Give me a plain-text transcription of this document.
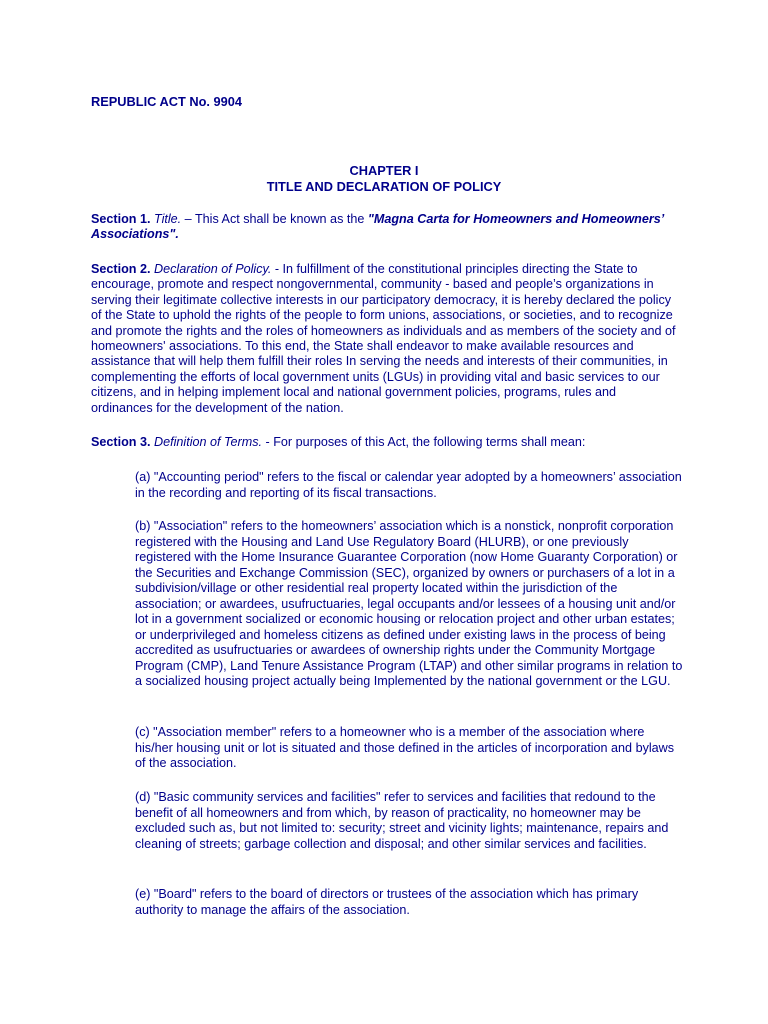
REPUBLIC ACT No. 9904

CHAPTER I
TITLE AND DECLARATION OF POLICY

Section 1. Title. – This Act shall be known as the "Magna Carta for Homeowners and Homeowners’ Associations".

Section 2. Declaration of Policy. - In fulfillment of the constitutional principles directing the State to encourage, promote and respect nongovernmental, community - based and people’s organizations in serving their legitimate collective interests in our participatory democracy, it is hereby declared the policy of the State to uphold the rights of the people to form unions, associations, or societies, and to recognize and promote the rights and the roles of homeowners as individuals and as members of the society and of homeowners' associations. To this end, the State shall endeavor to make available resources and assistance that will help them fulfill their roles In serving the needs and interests of their communities, in complementing the efforts of local government units (LGUs) in providing vital and basic services to our citizens, and in helping implement local and national government policies, programs, rules and ordinances for the development of the nation.

Section 3. Definition of Terms. - For purposes of this Act, the following terms shall mean:

(a) "Accounting period" refers to the fiscal or calendar year adopted by a homeowners’ association in the recording and reporting of its fiscal transactions.

(b) "Association" refers to the homeowners’ association which is a nonstick, nonprofit corporation registered with the Housing and Land Use Regulatory Board (HLURB), or one previously registered with the Home Insurance Guarantee Corporation (now Home Guaranty Corporation) or the Securities and Exchange Commission (SEC), organized by owners or purchasers of a lot in a subdivision/village or other residential real property located within the jurisdiction of the association; or awardees, usufructuaries, legal occupants and/or lessees of a housing unit and/or lot in a government socialized or economic housing or relocation project and other urban estates; or underprivileged and homeless citizens as defined under existing laws in the process of being accredited as usufructuaries or awardees of ownership rights under the Community Mortgage Program (CMP), Land Tenure Assistance Program (LTAP) and other similar programs in relation to a socialized housing project actually being Implemented by the national government or the LGU.

(c) "Association member" refers to a homeowner who is a member of the association where his/her housing unit or lot is situated and those defined in the articles of incorporation and bylaws of the association.

(d) "Basic community services and facilities" refer to services and facilities that redound to the benefit of all homeowners and from which, by reason of practicality, no homeowner may be excluded such as, but not limited to: security; street and vicinity lights; maintenance, repairs and cleaning of streets; garbage collection and disposal; and other similar services and facilities.

(e) "Board" refers to the board of directors or trustees of the association which has primary authority to manage the affairs of the association.
